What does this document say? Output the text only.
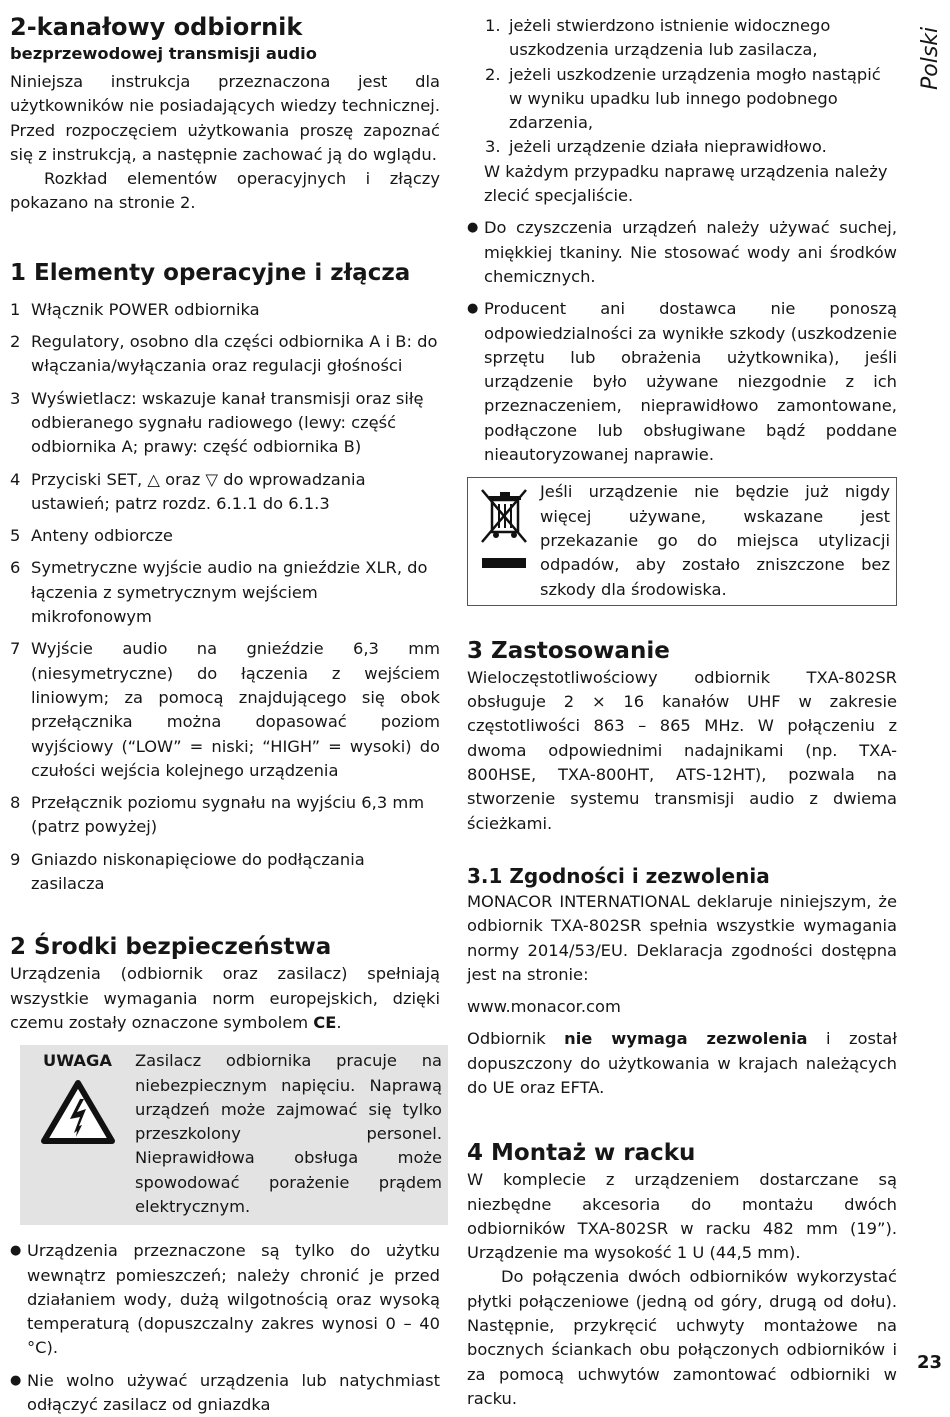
Polski
2-kanałowy odbiornik
bezprzewodowej transmisji audio

Niniejsza instrukcja przeznaczona jest dla użytkowników nie posiadających wiedzy technicznej. Przed rozpoczęciem użytkowania proszę zapoznać się z instrukcją, a następnie zachować ją do wglądu.

Rozkład elementów operacyjnych i złączy pokazano na stronie 2.

1 Elementy operacyjne i złącza
1 Włącznik POWER odbiornika
2 Regulatory, osobno dla części odbiornika A i B: do włączania/wyłączania oraz regulacji głośności
3 Wyświetlacz: wskazuje kanał transmisji oraz siłę odbieranego sygnału radiowego (lewy: część odbiornika A; prawy: część odbiornika B)
4 Przyciski SET, △ oraz ▽ do wprowadzania ustawień; patrz rozdz. 6.1.1 do 6.1.3
5 Anteny odbiorcze
6 Symetryczne wyjście audio na gnieździe XLR, do łączenia z symetrycznym wejściem mikrofonowym
7 Wyjście audio na gnieździe 6,3 mm (niesymetryczne) do łączenia z wejściem liniowym; za pomocą znajdującego się obok przełącznika można dopasować poziom wyjściowy (“LOW” = niski; “HIGH” = wysoki) do czułości wejścia kolejnego urządzenia
8 Przełącznik poziomu sygnału na wyjściu 6,3 mm (patrz powyżej)
9 Gniazdo niskonapięciowe do podłączania zasilacza
2 Środki bezpieczeństwa

Urządzenia (odbiornik oraz zasilacz) spełniają wszystkie wymagania norm europejskich, dzięki czemu zostały oznaczone symbolem CE.

UWAGA Zasilacz odbiornika pracuje na niebezpiecznym napięciu. Naprawą urządzeń może zajmować się tylko przeszkolony personel. Nieprawidłowa obsługa może spowodować porażenie prądem elektrycznym.
● Urządzenia przeznaczone są tylko do użytku wewnątrz pomieszczeń; należy chronić je przed działaniem wody, dużą wilgotnością oraz wysoką temperaturą (dopuszczalny zakres wynosi 0 – 40 °C).
● Nie wolno używać urządzenia lub natychmiast odłączyć zasilacz od gniazdka
1. jeżeli stwierdzono istnienie widocznego uszkodzenia urządzenia lub zasilacza,
2. jeżeli uszkodzenie urządzenia mogło nastąpić w wyniku upadku lub innego podobnego zdarzenia,
3. jeżeli urządzenie działa nieprawidłowo.

W każdym przypadku naprawę urządzenia należy zlecić specjaliście.

● Do czyszczenia urządzeń należy używać suchej, miękkiej tkaniny. Nie stosować wody ani środków chemicznych.
● Producent ani dostawca nie ponoszą odpowiedzialności za wynikłe szkody (uszkodzenie sprzętu lub obrażenia użytkownika), jeśli urządzenie było używane niezgodnie z ich przeznaczeniem, nieprawidłowo zamontowane, podłączone lub obsługiwane bądź poddane nieautoryzowanej naprawie.
Jeśli urządzenie nie będzie już nigdy więcej używane, wskazane jest przekazanie go do miejsca utylizacji odpadów, aby zostało zniszczone bez szkody dla środowiska.
3 Zastosowanie

Wieloczęstotliwościowy odbiornik TXA-802SR obsługuje 2 × 16 kanałów UHF w zakresie częstotliwości 863 – 865 MHz. W połączeniu z dwoma odpowiednimi nadajnikami (np. TXA-800HSE, TXA-800HT, ATS-12HT), pozwala na stworzenie systemu transmisji audio z dwiema ścieżkami.

3.1 Zgodności i zezwolenia

MONACOR INTERNATIONAL deklaruje niniejszym, że odbiornik TXA-802SR spełnia wszystkie wymagania normy 2014/53/EU. Deklaracja zgodności dostępna jest na stronie:

www.monacor.com

Odbiornik nie wymaga zezwolenia i został dopuszczony do użytkowania w krajach należących do UE oraz EFTA.

4 Montaż w racku

W komplecie z urządzeniem dostarczane są niezbędne akcesoria do montażu dwóch odbiorników TXA-802SR w racku 482 mm (19”). Urządzenie ma wysokość 1 U (44,5 mm).

Do połączenia dwóch odbiorników wykorzystać płytki połączeniowe (jedną od góry, drugą od dołu). Następnie, przykręcić uchwyty montażowe na bocznych ściankach obu połączonych odbiorników i za pomocą uchwytów zamontować odbiorniki w racku.

23
